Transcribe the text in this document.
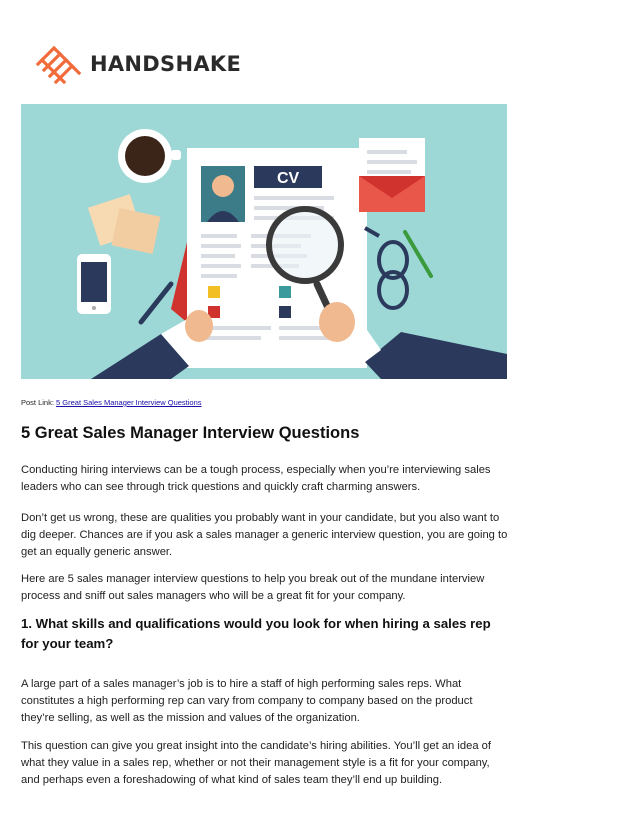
HANDSHAKE
CV
Post Link: 5 Great Sales Manager Interview Questions
5 Great Sales Manager Interview Questions

Conducting hiring interviews can be a tough process, especially when you’re interviewing sales leaders who can see through trick questions and quickly craft charming answers.

Don’t get us wrong, these are qualities you probably want in your candidate, but you also want to dig deeper. Chances are if you ask a sales manager a generic interview question, you are going to get an equally generic answer.

Here are 5 sales manager interview questions to help you break out of the mundane interview process and sniff out sales managers who will be a great fit for your company.

1. What skills and qualifications would you look for when hiring a sales rep for your team?

A large part of a sales manager’s job is to hire a staff of high performing sales reps. What constitutes a high performing rep can vary from company to company based on the product they’re selling, as well as the mission and values of the organization.

This question can give you great insight into the candidate’s hiring abilities. You’ll get an idea of what they value in a sales rep, whether or not their management style is a fit for your company, and perhaps even a foreshadowing of what kind of sales team they’ll end up building.
